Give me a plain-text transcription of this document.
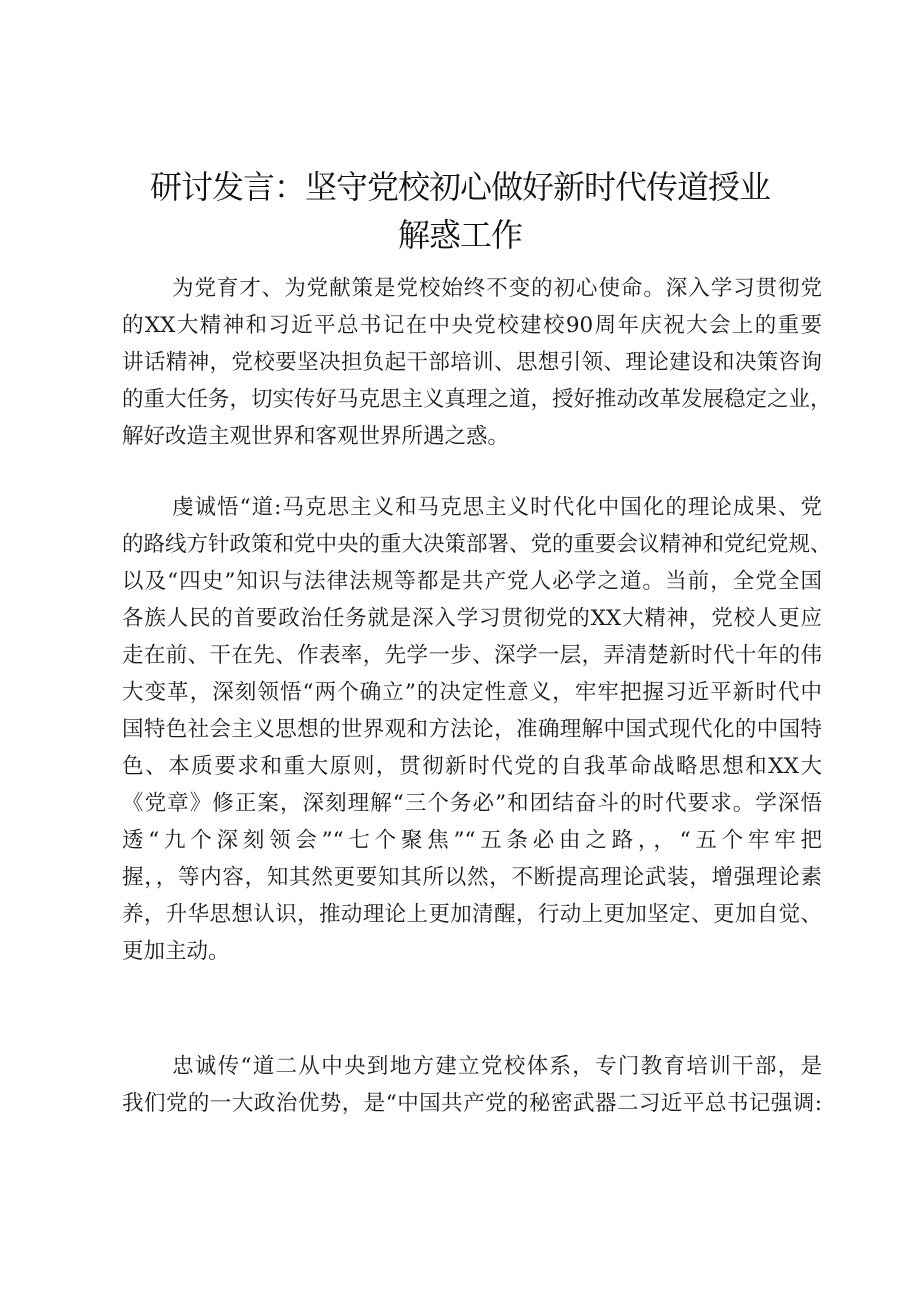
研讨发言：坚守党校初心做好新时代传道授业
解惑工作
为党育才、为党献策是党校始终不变的初心使命。深入学习贯彻党
的XX大精神和习近平总书记在中央党校建校90周年庆祝大会上的重要
讲话精神，党校要坚决担负起干部培训、思想引领、理论建设和决策咨询
的重大任务，切实传好马克思主义真理之道，授好推动改革发展稳定之业，
解好改造主观世界和客观世界所遇之惑。
虔诚悟“道:马克思主义和马克思主义时代化中国化的理论成果、党
的路线方针政策和党中央的重大决策部署、党的重要会议精神和党纪党规、
以及“四史”知识与法律法规等都是共产党人必学之道。当前，全党全国
各族人民的首要政治任务就是深入学习贯彻党的XX大精神，党校人更应
走在前、干在先、作表率，先学一步、深学一层，弄清楚新时代十年的伟
大变革，深刻领悟“两个确立”的决定性意义，牢牢把握习近平新时代中
国特色社会主义思想的世界观和方法论，准确理解中国式现代化的中国特
色、本质要求和重大原则，贯彻新时代党的自我革命战略思想和XX大
《党章》修正案，深刻理解“三个务必”和团结奋斗的时代要求。学深悟
透“九个深刻领会”“七个聚焦”“五条必由之路，，“五个牢牢把
握，，等内容，知其然更要知其所以然，不断提高理论武装，增强理论素
养，升华思想认识，推动理论上更加清醒，行动上更加坚定、更加自觉、
更加主动。
忠诚传“道二从中央到地方建立党校体系，专门教育培训干部，是
我们党的一大政治优势，是“中国共产党的秘密武器二习近平总书记强调:
